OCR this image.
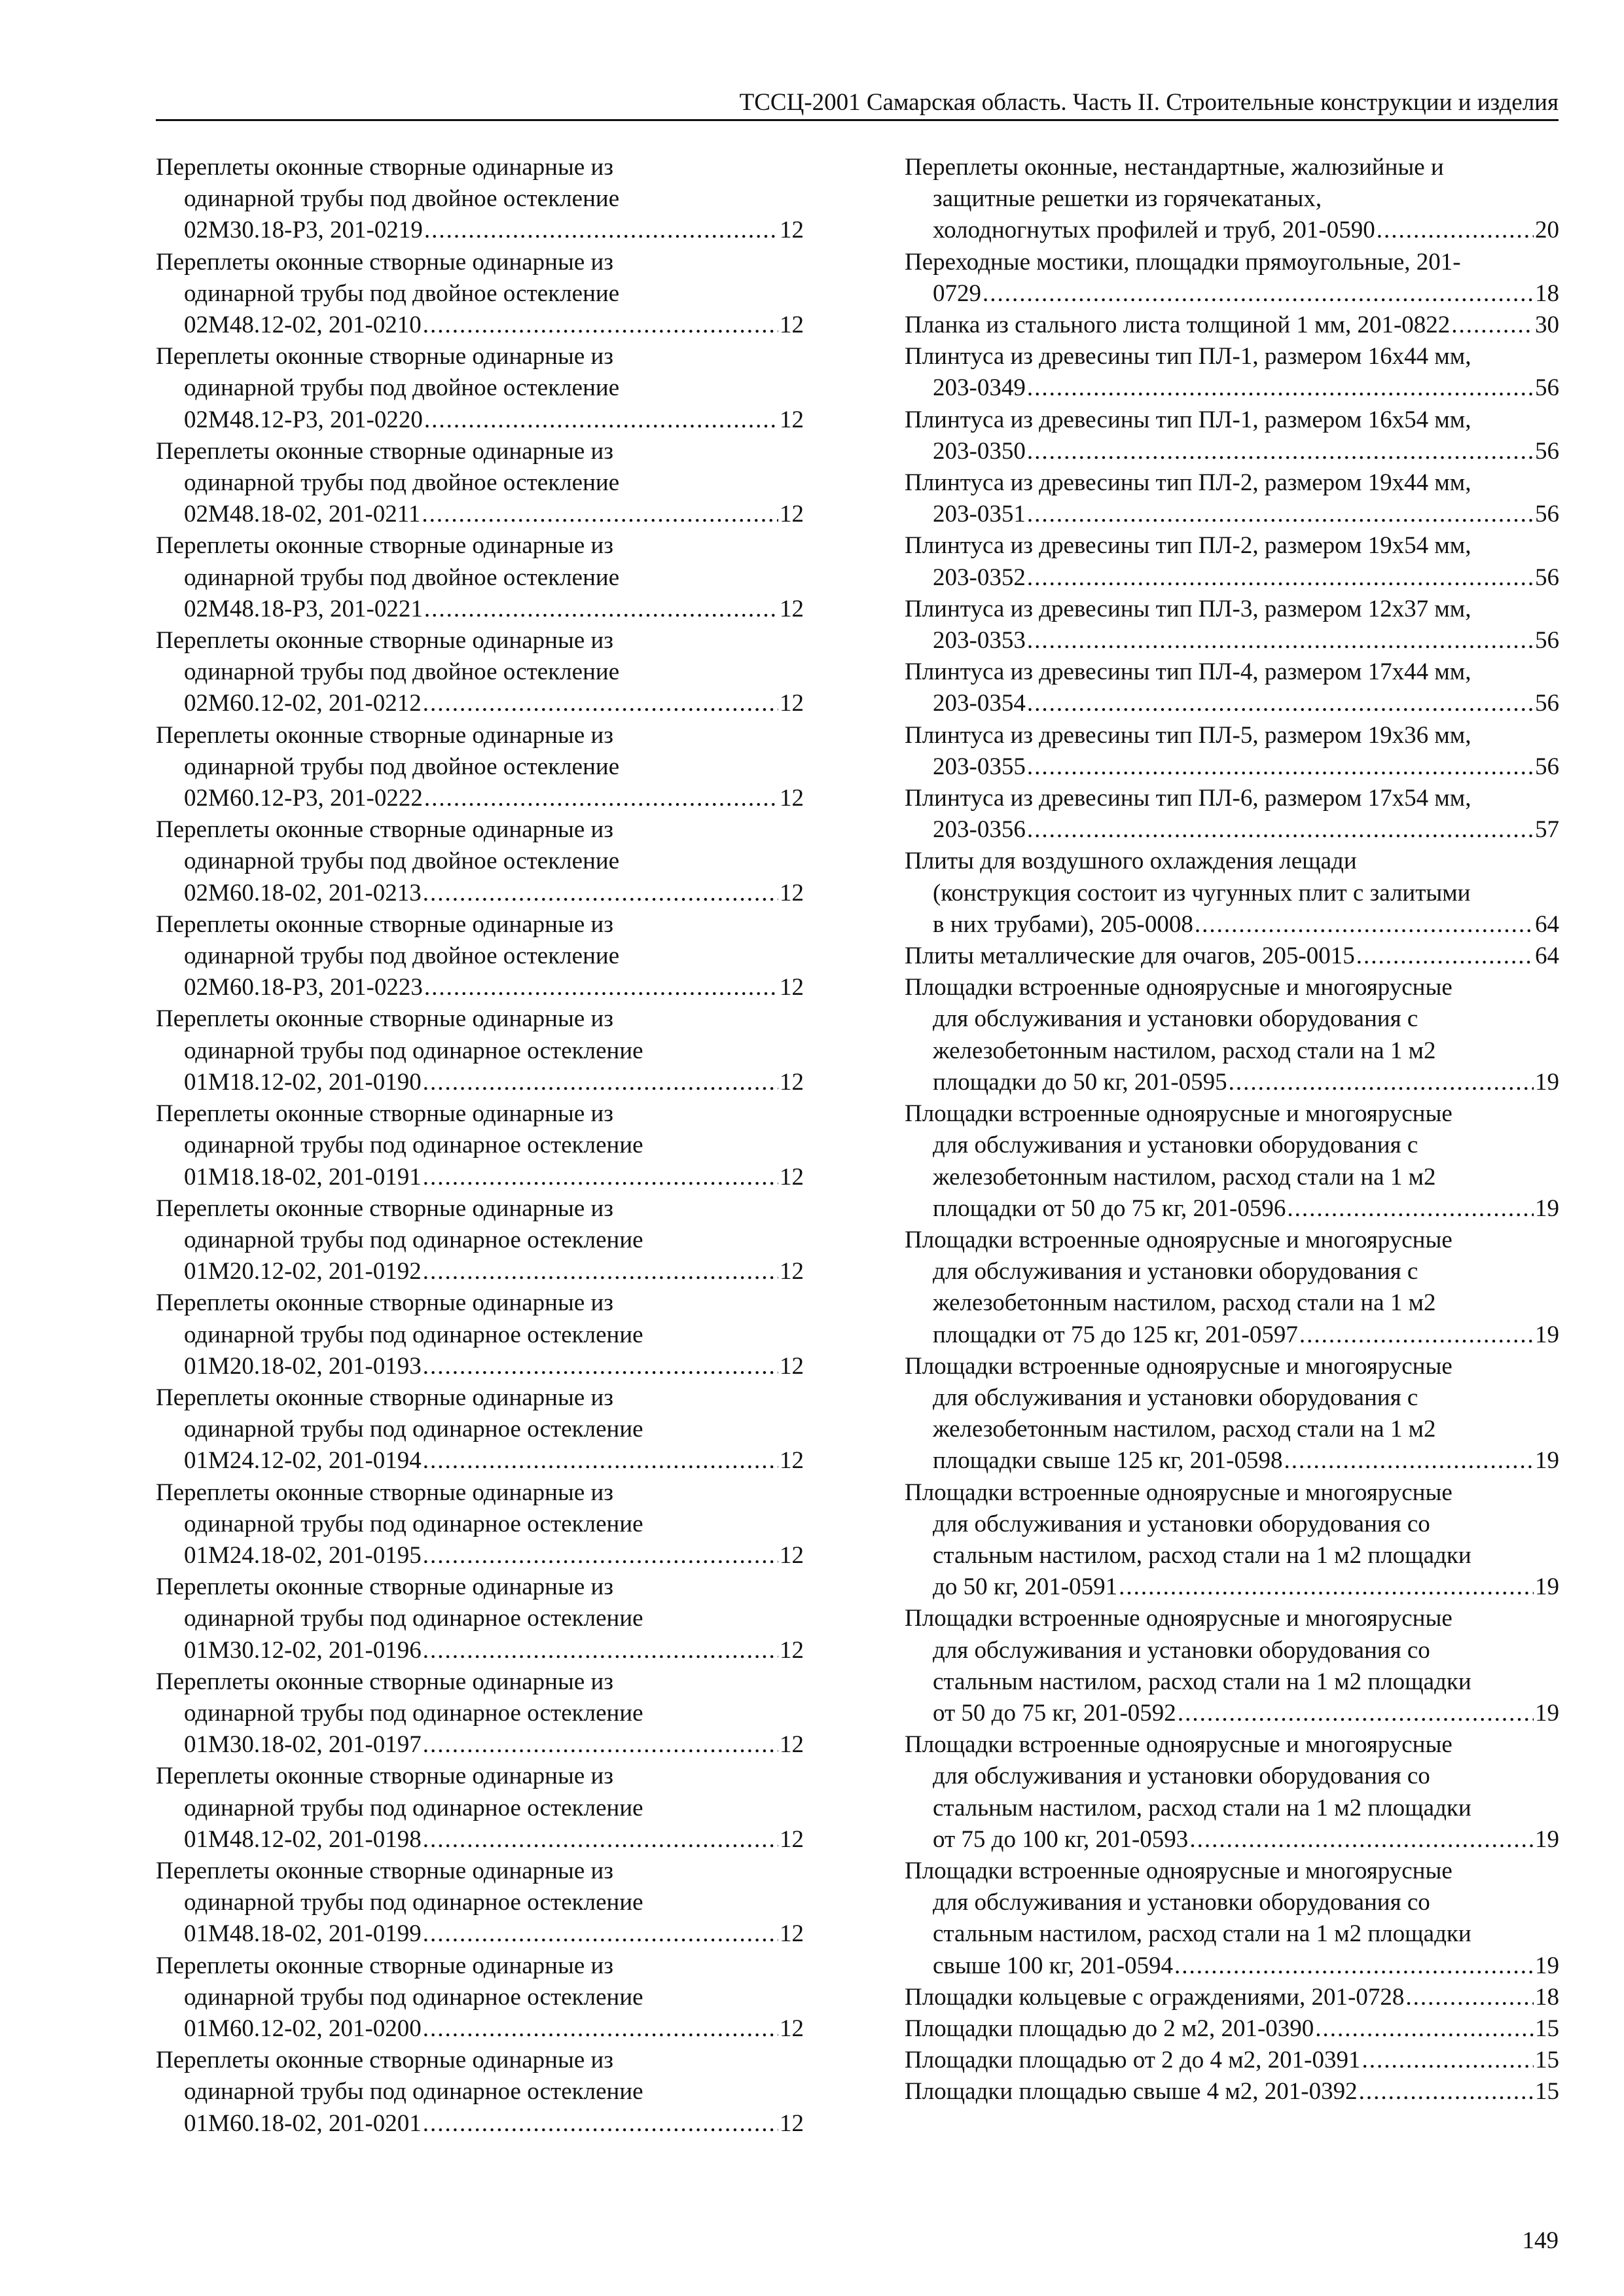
ТССЦ-2001 Самарская область. Часть II. Строительные конструкции и изделия
Переплеты оконные створные одинарные из
одинарной трубы под двойное остекление
02М30.18-Р3, 201-0219 .....	12
Переплеты оконные створные одинарные из
одинарной трубы под двойное остекление
02М48.12-02, 201-0210 .....	12
Переплеты оконные створные одинарные из
одинарной трубы под двойное остекление
02М48.12-Р3, 201-0220 .....	12
Переплеты оконные створные одинарные из
одинарной трубы под двойное остекление
02М48.18-02, 201-0211 .....	12
Переплеты оконные створные одинарные из
одинарной трубы под двойное остекление
02М48.18-Р3, 201-0221 .....	12
Переплеты оконные створные одинарные из
одинарной трубы под двойное остекление
02М60.12-02, 201-0212 .....	12
Переплеты оконные створные одинарные из
одинарной трубы под двойное остекление
02М60.12-Р3, 201-0222 .....	12
Переплеты оконные створные одинарные из
одинарной трубы под двойное остекление
02М60.18-02, 201-0213 .....	12
Переплеты оконные створные одинарные из
одинарной трубы под двойное остекление
02М60.18-Р3, 201-0223 .....	12
Переплеты оконные створные одинарные из
одинарной трубы под одинарное остекление
01М18.12-02, 201-0190 .....	12
Переплеты оконные створные одинарные из
одинарной трубы под одинарное остекление
01М18.18-02, 201-0191 .....	12
Переплеты оконные створные одинарные из
одинарной трубы под одинарное остекление
01М20.12-02, 201-0192 .....	12
Переплеты оконные створные одинарные из
одинарной трубы под одинарное остекление
01М20.18-02, 201-0193 .....	12
Переплеты оконные створные одинарные из
одинарной трубы под одинарное остекление
01М24.12-02, 201-0194 .....	12
Переплеты оконные створные одинарные из
одинарной трубы под одинарное остекление
01М24.18-02, 201-0195 .....	12
Переплеты оконные створные одинарные из
одинарной трубы под одинарное остекление
01М30.12-02, 201-0196 .....	12
Переплеты оконные створные одинарные из
одинарной трубы под одинарное остекление
01М30.18-02, 201-0197 .....	12
Переплеты оконные створные одинарные из
одинарной трубы под одинарное остекление
01М48.12-02, 201-0198 .....	12
Переплеты оконные створные одинарные из
одинарной трубы под одинарное остекление
01М48.18-02, 201-0199 .....	12
Переплеты оконные створные одинарные из
одинарной трубы под одинарное остекление
01М60.12-02, 201-0200 .....	12
Переплеты оконные створные одинарные из
одинарной трубы под одинарное остекление
01М60.18-02, 201-0201 .....	12
Переплеты оконные, нестандартные, жалюзийные и
защитные решетки из горячекатаных,
холодногнутых профилей и труб, 201-0590 .....	20
Переходные мостики, площадки прямоугольные, 201-
0729 .....	18
Планка из стального листа толщиной 1 мм, 201-0822 .....	30
Плинтуса из древесины тип ПЛ-1, размером 16х44 мм,
203-0349 .....	56
Плинтуса из древесины тип ПЛ-1, размером 16х54 мм,
203-0350 .....	56
Плинтуса из древесины тип ПЛ-2, размером 19х44 мм,
203-0351 .....	56
Плинтуса из древесины тип ПЛ-2, размером 19х54 мм,
203-0352 .....	56
Плинтуса из древесины тип ПЛ-3, размером 12х37 мм,
203-0353 .....	56
Плинтуса из древесины тип ПЛ-4, размером 17х44 мм,
203-0354 .....	56
Плинтуса из древесины тип ПЛ-5, размером 19х36 мм,
203-0355 .....	56
Плинтуса из древесины тип ПЛ-6, размером 17х54 мм,
203-0356 .....	57
Плиты для воздушного охлаждения лещади
(конструкция состоит из чугунных плит с залитыми
в них трубами), 205-0008 .....	64
Плиты металлические для очагов, 205-0015 .....	64
Площадки встроенные одноярусные и многоярусные
для обслуживания и установки оборудования с
железобетонным настилом, расход стали на 1 м2
площадки до 50 кг, 201-0595 .....	19
Площадки встроенные одноярусные и многоярусные
для обслуживания и установки оборудования с
железобетонным настилом, расход стали на 1 м2
площадки от 50 до 75 кг, 201-0596 .....	19
Площадки встроенные одноярусные и многоярусные
для обслуживания и установки оборудования с
железобетонным настилом, расход стали на 1 м2
площадки от 75 до 125 кг, 201-0597 .....	19
Площадки встроенные одноярусные и многоярусные
для обслуживания и установки оборудования с
железобетонным настилом, расход стали на 1 м2
площадки свыше 125 кг, 201-0598 .....	19
Площадки встроенные одноярусные и многоярусные
для обслуживания и установки оборудования со
стальным настилом, расход стали на 1 м2 площадки
до 50 кг, 201-0591 .....	19
Площадки встроенные одноярусные и многоярусные
для обслуживания и установки оборудования со
стальным настилом, расход стали на 1 м2 площадки
от 50 до 75 кг, 201-0592 .....	19
Площадки встроенные одноярусные и многоярусные
для обслуживания и установки оборудования со
стальным настилом, расход стали на 1 м2 площадки
от 75 до 100 кг, 201-0593 .....	19
Площадки встроенные одноярусные и многоярусные
для обслуживания и установки оборудования со
стальным настилом, расход стали на 1 м2 площадки
свыше 100 кг, 201-0594 .....	19
Площадки кольцевые с ограждениями, 201-0728 .....	18
Площадки площадью до 2 м2, 201-0390 .....	15
Площадки площадью от 2 до 4 м2, 201-0391 .....	15
Площадки площадью свыше 4 м2, 201-0392 .....	15
149
